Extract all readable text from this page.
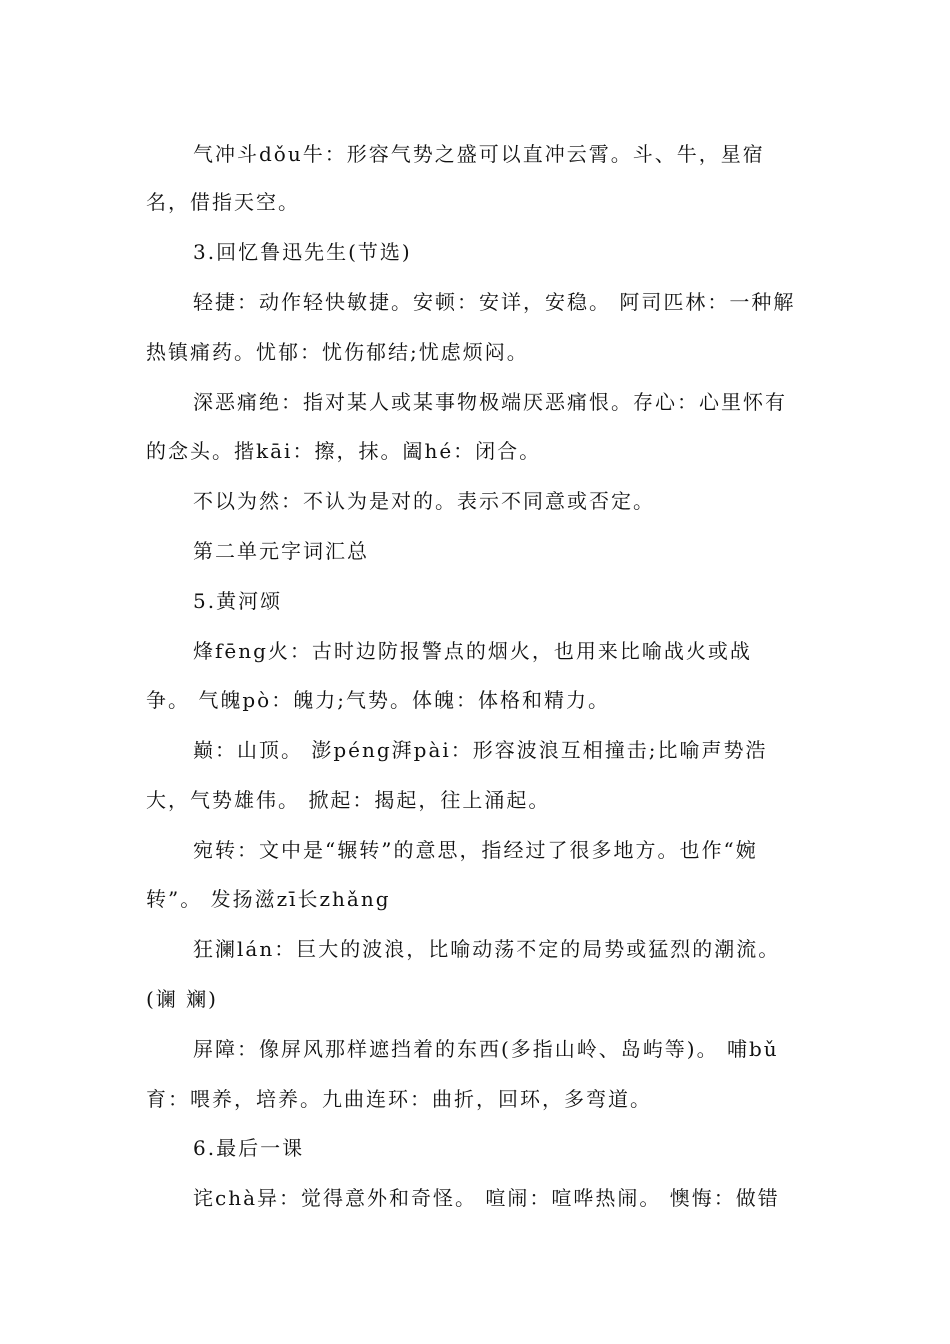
气冲斗dǒu牛：形容气势之盛可以直冲云霄。斗、牛，星宿
名，借指天空。
3.回忆鲁迅先生(节选)
轻捷：动作轻快敏捷。安顿：安详，安稳。 阿司匹林：一种解
热镇痛药。忧郁：忧伤郁结;忧虑烦闷。
深恶痛绝：指对某人或某事物极端厌恶痛恨。存心：心里怀有
的念头。揩kāi：擦，抹。阖hé：闭合。
不以为然：不认为是对的。表示不同意或否定。
第二单元字词汇总
5.黄河颂
烽fēng火：古时边防报警点的烟火，也用来比喻战火或战
争。 气魄pò：魄力;气势。体魄：体格和精力。
巅：山顶。 澎péng湃pài：形容波浪互相撞击;比喻声势浩
大，气势雄伟。 掀起：揭起，往上涌起。
宛转：文中是“辗转”的意思，指经过了很多地方。也作“婉
转”。 发扬滋zī长zhǎng
狂澜lán：巨大的波浪，比喻动荡不定的局势或猛烈的潮流。
(谰 斓)
屏障：像屏风那样遮挡着的东西(多指山岭、岛屿等)。 哺bǔ
育：喂养，培养。九曲连环：曲折，回环，多弯道。
6.最后一课
诧chà异：觉得意外和奇怪。 喧闹：喧哗热闹。 懊悔：做错
